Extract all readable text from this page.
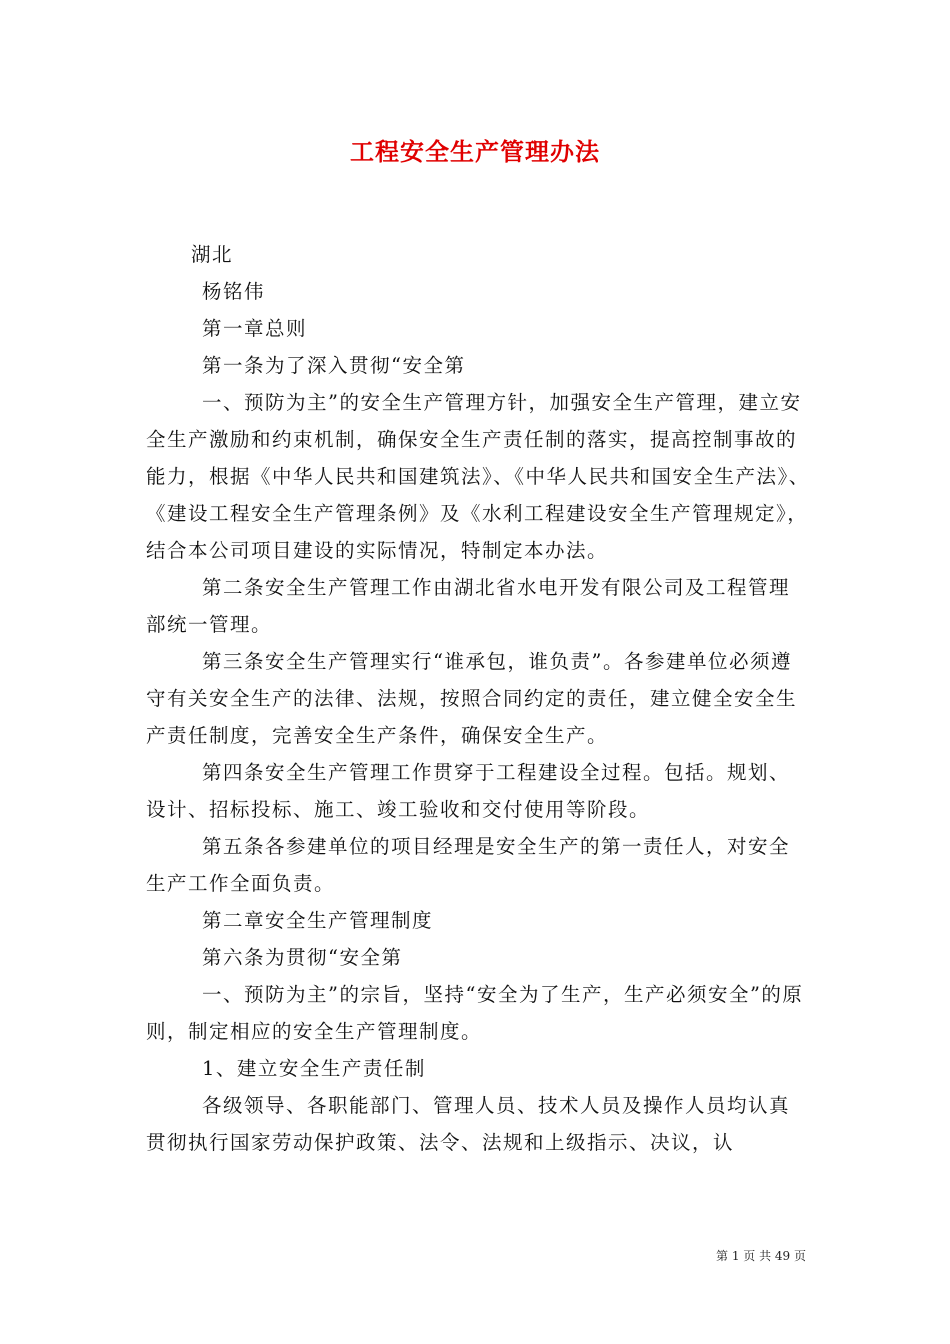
工程安全生产管理办法

湖北

杨铭伟

第一章总则

第一条为了深入贯彻“安全第

一、预防为主”的安全生产管理方针，加强安全生产管理，建立安全生产激励和约束机制，确保安全生产责任制的落实，提高控制事故的能力，根据《中华人民共和国建筑法》、《中华人民共和国安全生产法》、《建设工程安全生产管理条例》及《水利工程建设安全生产管理规定》，结合本公司项目建设的实际情况，特制定本办法。

第二条安全生产管理工作由湖北省水电开发有限公司及工程管理部统一管理。

第三条安全生产管理实行“谁承包，谁负责”。各参建单位必须遵守有关安全生产的法律、法规，按照合同约定的责任，建立健全安全生产责任制度，完善安全生产条件，确保安全生产。

第四条安全生产管理工作贯穿于工程建设全过程。包括。规划、设计、招标投标、施工、竣工验收和交付使用等阶段。

第五条各参建单位的项目经理是安全生产的第一责任人，对安全生产工作全面负责。

第二章安全生产管理制度

第六条为贯彻“安全第

一、预防为主”的宗旨，坚持“安全为了生产，生产必须安全”的原则，制定相应的安全生产管理制度。

1、建立安全生产责任制

各级领导、各职能部门、管理人员、技术人员及操作人员均认真贯彻执行国家劳动保护政策、法令、法规和上级指示、决议，认

第 1 页 共 49 页
